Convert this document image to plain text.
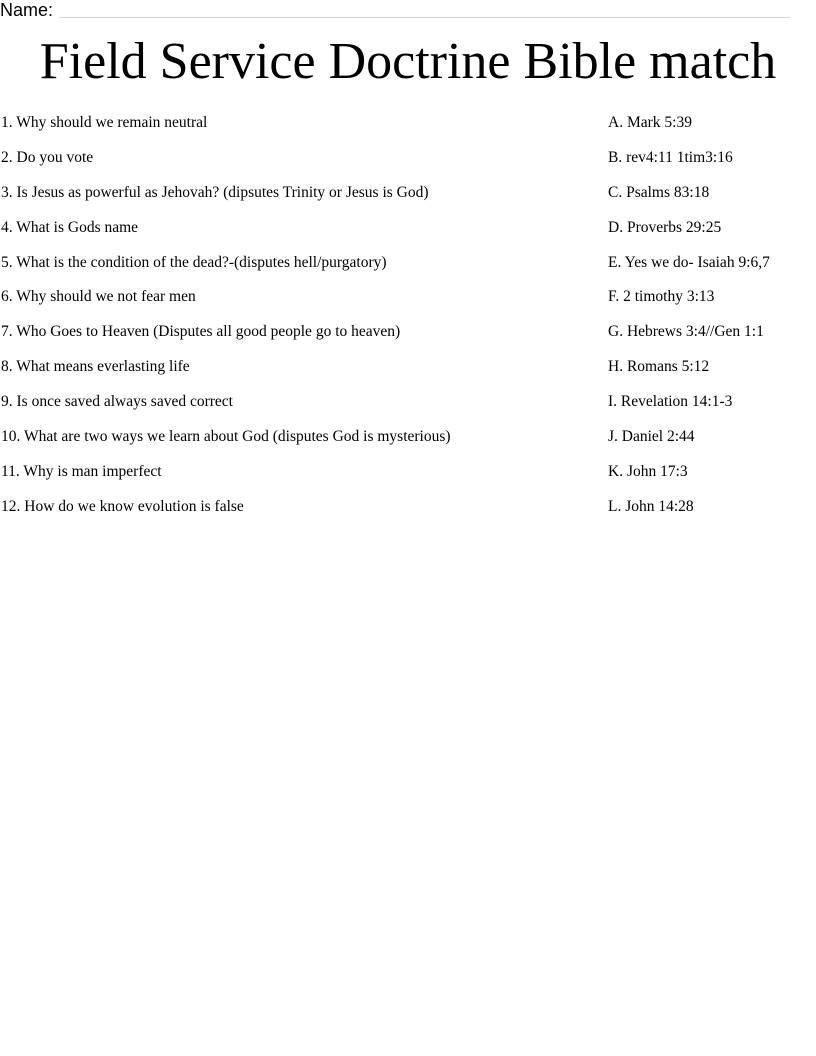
Name:
Field Service Doctrine Bible match
1. Why should we remain neutral
2. Do you vote
3. Is Jesus as powerful as Jehovah? (dipsutes Trinity or Jesus is God)
4. What is Gods name
5. What is the condition of the dead?-(disputes hell/purgatory)
6. Why should we not fear men
7. Who Goes to Heaven (Disputes all good people go to heaven)
8. What means everlasting life
9. Is once saved always saved correct
10. What are two ways we learn about God (disputes God is mysterious)
11. Why is man imperfect
12. How do we know evolution is false
A. Mark 5:39
B. rev4:11 1tim3:16
C. Psalms 83:18
D. Proverbs 29:25
E. Yes we do- Isaiah 9:6,7
F. 2 timothy 3:13
G. Hebrews 3:4//Gen 1:1
H. Romans 5:12
I. Revelation 14:1-3
J. Daniel 2:44
K. John 17:3
L. John 14:28
